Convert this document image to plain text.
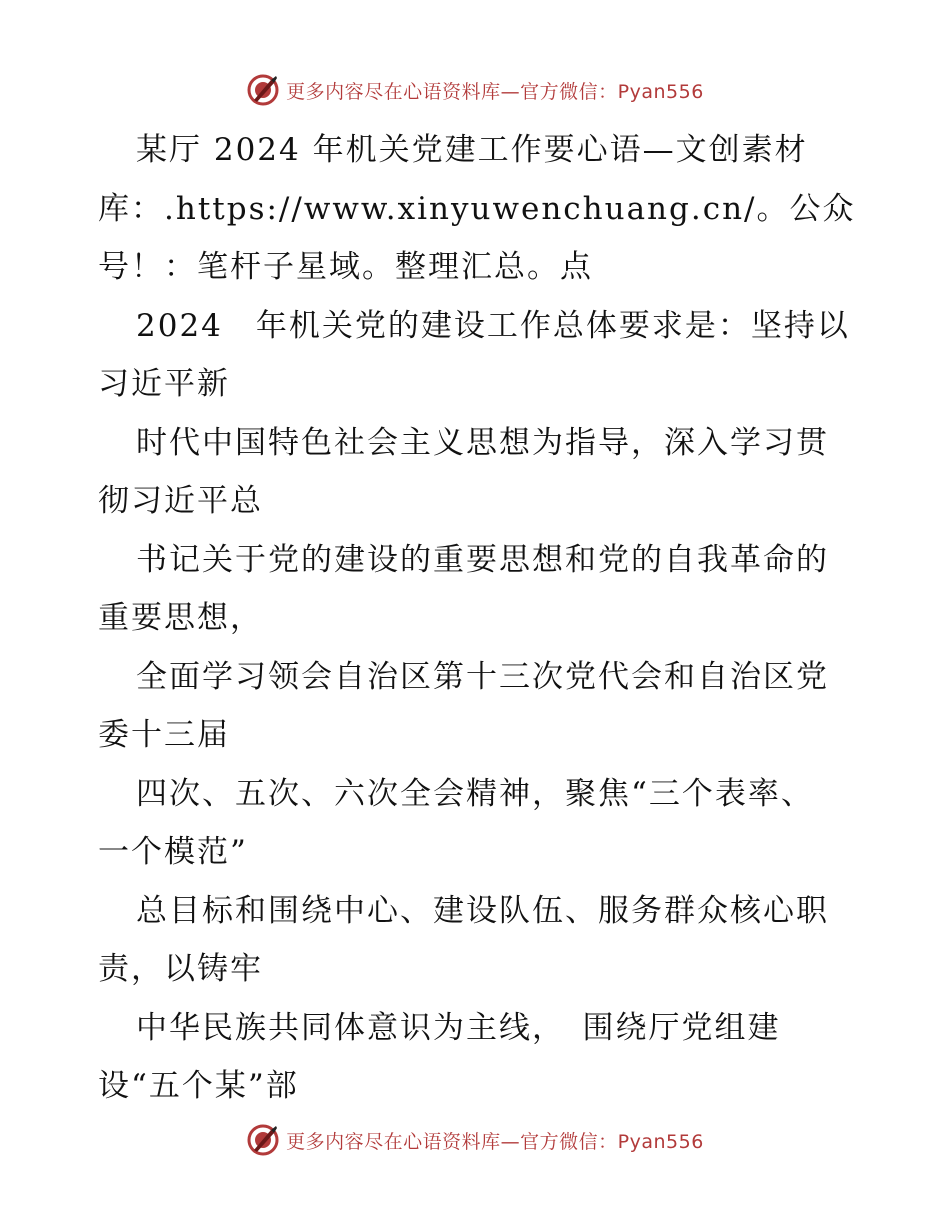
更多内容尽在心语资料库—官方微信：Pyan556
某厅 2024 年机关党建工作要心语—文创素材
库：.https://www.xinyuwenchuang.cn/。公众
号！：笔杆子星域。整理汇总。点
2024　年机关党的建设工作总体要求是：坚持以
习近平新
时代中国特色社会主义思想为指导，深入学习贯
彻习近平总
书记关于党的建设的重要思想和党的自我革命的
重要思想，
全面学习领会自治区第十三次党代会和自治区党
委十三届
四次、五次、六次全会精神，聚焦“三个表率、
一个模范”
总目标和围绕中心、建设队伍、服务群众核心职
责，以铸牢
中华民族共同体意识为主线，　围绕厅党组建
设“五个某”部
更多内容尽在心语资料库—官方微信：Pyan556
